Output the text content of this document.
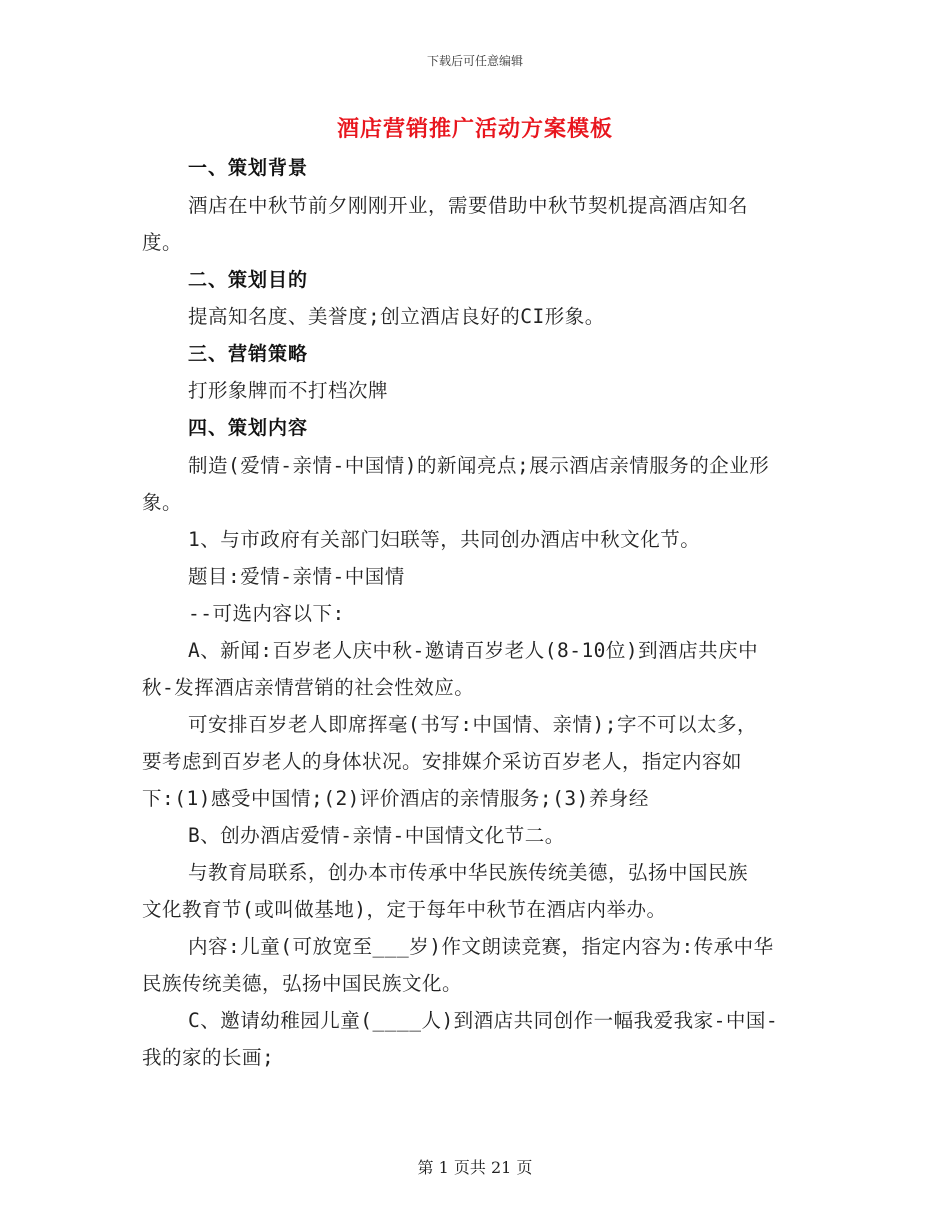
下载后可任意编辑
酒店营销推广活动方案模板
一、策划背景
酒店在中秋节前夕刚刚开业，需要借助中秋节契机提高酒店知名
度。
二、策划目的
提高知名度、美誉度;创立酒店良好的CI形象。
三、营销策略
打形象牌而不打档次牌
四、策划内容
制造(爱情-亲情-中国情)的新闻亮点;展示酒店亲情服务的企业形
象。
1、与市政府有关部门妇联等，共同创办酒店中秋文化节。
题目:爱情-亲情-中国情
--可选内容以下:
A、新闻:百岁老人庆中秋-邀请百岁老人(8-10位)到酒店共庆中
秋-发挥酒店亲情营销的社会性效应。
可安排百岁老人即席挥毫(书写:中国情、亲情);字不可以太多，
要考虑到百岁老人的身体状况。安排媒介采访百岁老人，指定内容如
下:(1)感受中国情;(2)评价酒店的亲情服务;(3)养身经
B、创办酒店爱情-亲情-中国情文化节二。
与教育局联系，创办本市传承中华民族传统美德，弘扬中国民族
文化教育节(或叫做基地)，定于每年中秋节在酒店内举办。
内容:儿童(可放宽至___岁)作文朗读竞赛，指定内容为:传承中华
民族传统美德，弘扬中国民族文化。
C、邀请幼稚园儿童(____人)到酒店共同创作一幅我爱我家-中国-
我的家的长画;
第 1 页共 21 页
